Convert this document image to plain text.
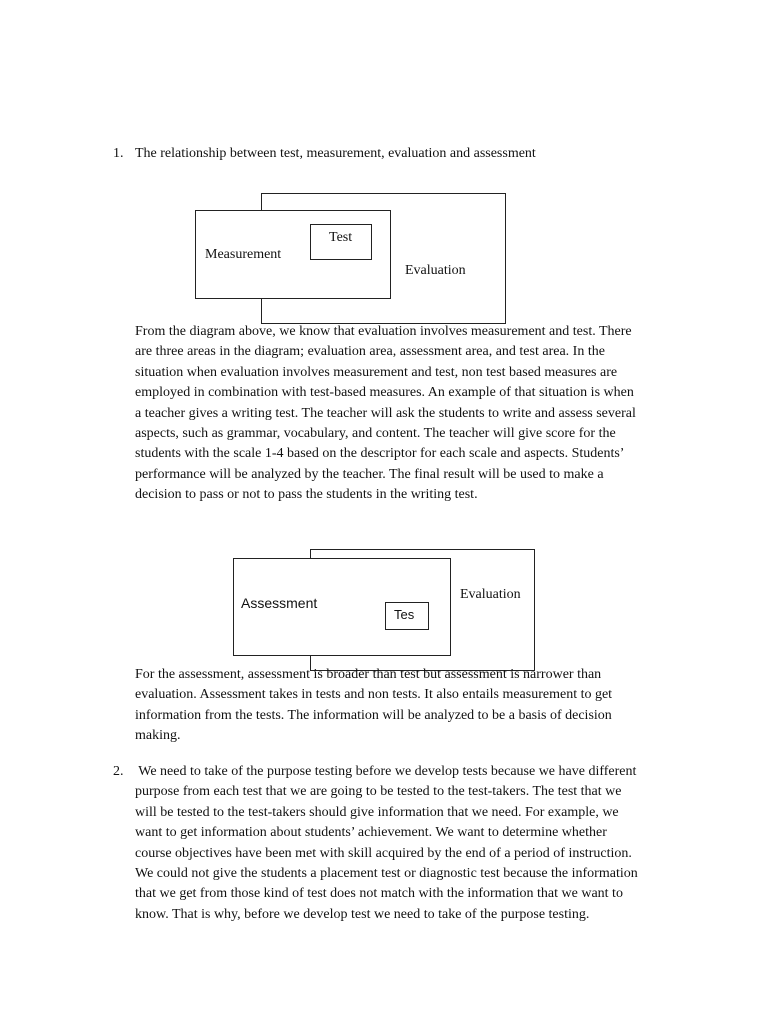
1. The relationship between test, measurement, evaluation and assessment
Test
Measurement
Evaluation

From the diagram above, we know that evaluation involves measurement and test. There

are three areas in the diagram; evaluation area, assessment area, and test area. In the

situation when evaluation involves measurement and test, non test based measures are

employed in combination with test-based measures. An example of that situation is when

a teacher gives a writing test. The teacher will ask the students to write and assess several

aspects, such as grammar, vocabulary, and content. The teacher will give score for the

students with the scale 1-4 based on the descriptor for each scale and aspects. Students’

performance will be analyzed by the teacher. The final result will be used to make a

decision to pass or not to pass the students in the writing test.

Evaluation
Assessment
Tes

For the assessment, assessment is broader than test but assessment is narrower than

evaluation. Assessment takes in tests and non tests. It also entails measurement to get

information from the tests. The information will be analyzed to be a basis of decision

making.

2. We need to take of the purpose testing before we develop tests because we have different

purpose from each test that we are going to be tested to the test-takers. The test that we

will be tested to the test-takers should give information that we need. For example, we

want to get information about students’ achievement. We want to determine whether

course objectives have been met with skill acquired by the end of a period of instruction.

We could not give the students a placement test or diagnostic test because the information

that we get from those kind of test does not match with the information that we want to

know. That is why, before we develop test we need to take of the purpose testing.
